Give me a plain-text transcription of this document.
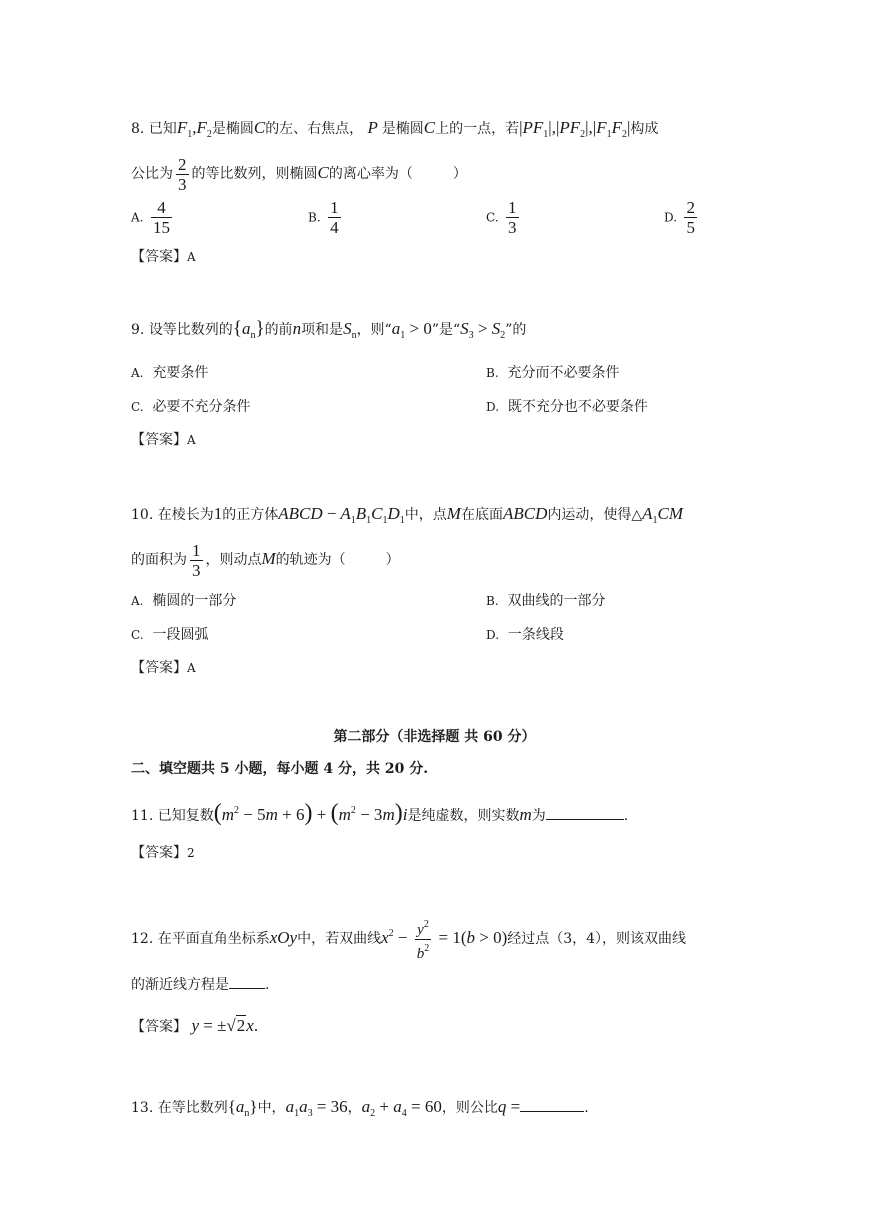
8. 已知$F_1,F_2$是椭圆C的左、右焦点， P 是椭圆C上的一点，若$|PF_1|,|PF_2|,|F_1F_2|$构成
公比为 $\frac{2}{3}$ 的等比数列，则椭圆C的离心率为（	）
A. $\frac{4}{15}$	B. $\frac{1}{4}$	C. $\frac{1}{3}$	D. $\frac{2}{5}$
【答案】A
9. 设等比数列的$\{a_n\}$的前n项和是$S_n$，则“$a_1 > 0$”是“$S_3 > S_2$”的
A. 充要条件	B. 充分而不必要条件
C. 必要不充分条件	D. 既不充分也不必要条件
【答案】A
10. 在棱长为1的正方体ABCD − $A_1B_1C_1D_1$中，点M在底面ABCD内运动，使得$\triangle A_1CM$
的面积为 $\frac{1}{3}$ ，则动点M的轨迹为（	）
A. 椭圆的一部分	B. 双曲线的一部分
C. 一段圆弧	D. 一条线段
【答案】A
第二部分（非选择题 共 60 分）
二、填空题共 5 小题，每小题 4 分，共 20 分.
11. 已知复数$(m^2 - 5m + 6) + (m^2 - 3m)i$是纯虚数，则实数m为	.
【答案】2
12. 在平面直角坐标系xOy中，若双曲线$x^2 - \frac{y^2}{b^2} = 1(b > 0)$经过点（3，4），则该双曲线
的渐近线方程是	.
【答案】 y = ±√2x.
13. 在等比数列$\{a_n\}$中，$a_1a_3 = 36$，$a_2 + a_4 = 60$，则公比q =	.
